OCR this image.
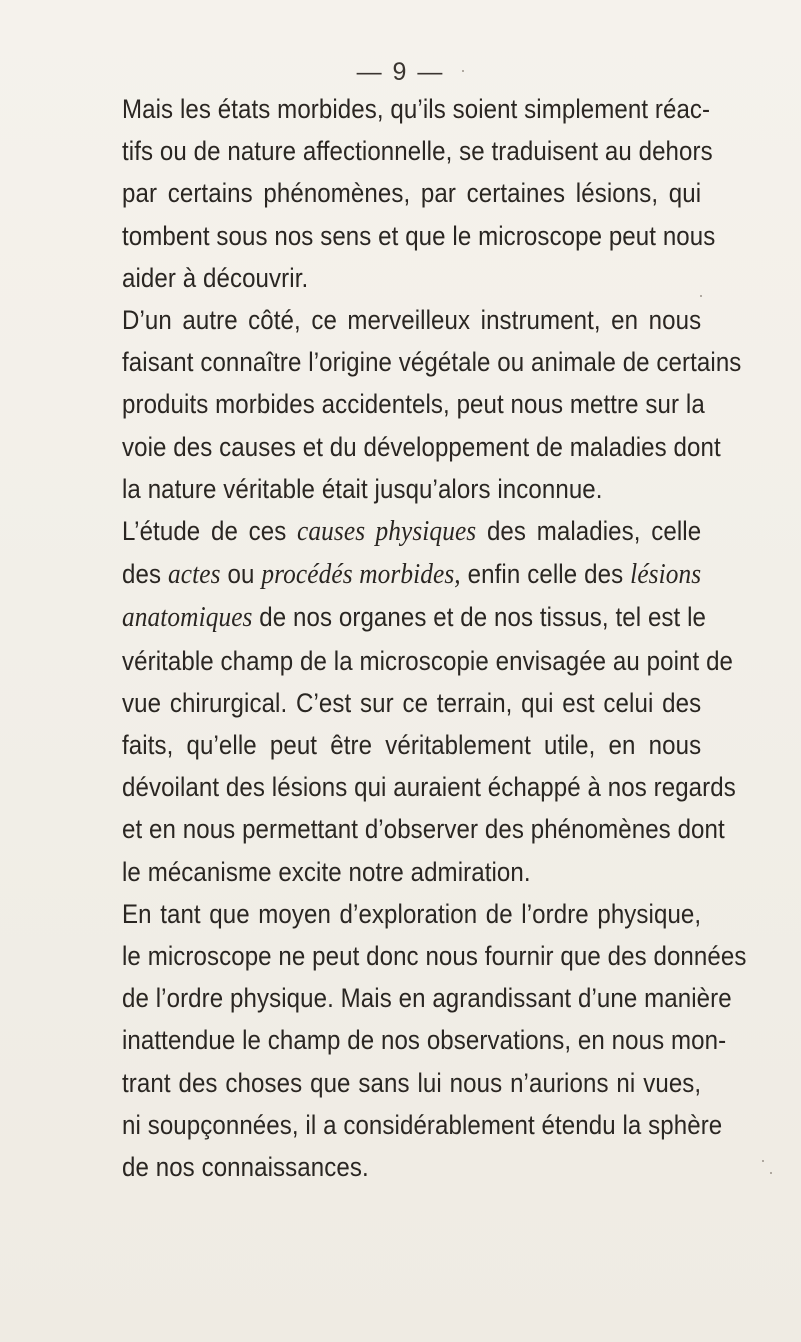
— 9 —
Mais les états morbides, qu’ils soient simplement réac-
tifs ou de nature affectionnelle, se traduisent au dehors
par certains phénomènes, par certaines lésions, qui
tombent sous nos sens et que le microscope peut nous
aider à découvrir.
D’un autre côté, ce merveilleux instrument, en nous
faisant connaître l’origine végétale ou animale de certains
produits morbides accidentels, peut nous mettre sur la
voie des causes et du développement de maladies dont
la nature véritable était jusqu’alors inconnue.
L’étude de ces causes physiques des maladies, celle
des actes ou procédés morbides, enfin celle des lésions
anatomiques de nos organes et de nos tissus, tel est le
véritable champ de la microscopie envisagée au point de
vue chirurgical. C’est sur ce terrain, qui est celui des
faits, qu’elle peut être véritablement utile, en nous
dévoilant des lésions qui auraient échappé à nos regards
et en nous permettant d’observer des phénomènes dont
le mécanisme excite notre admiration.
En tant que moyen d’exploration de l’ordre physique,
le microscope ne peut donc nous fournir que des données
de l’ordre physique. Mais en agrandissant d’une manière
inattendue le champ de nos observations, en nous mon-
trant des choses que sans lui nous n’aurions ni vues,
ni soupçonnées, il a considérablement étendu la sphère
de nos connaissances.
